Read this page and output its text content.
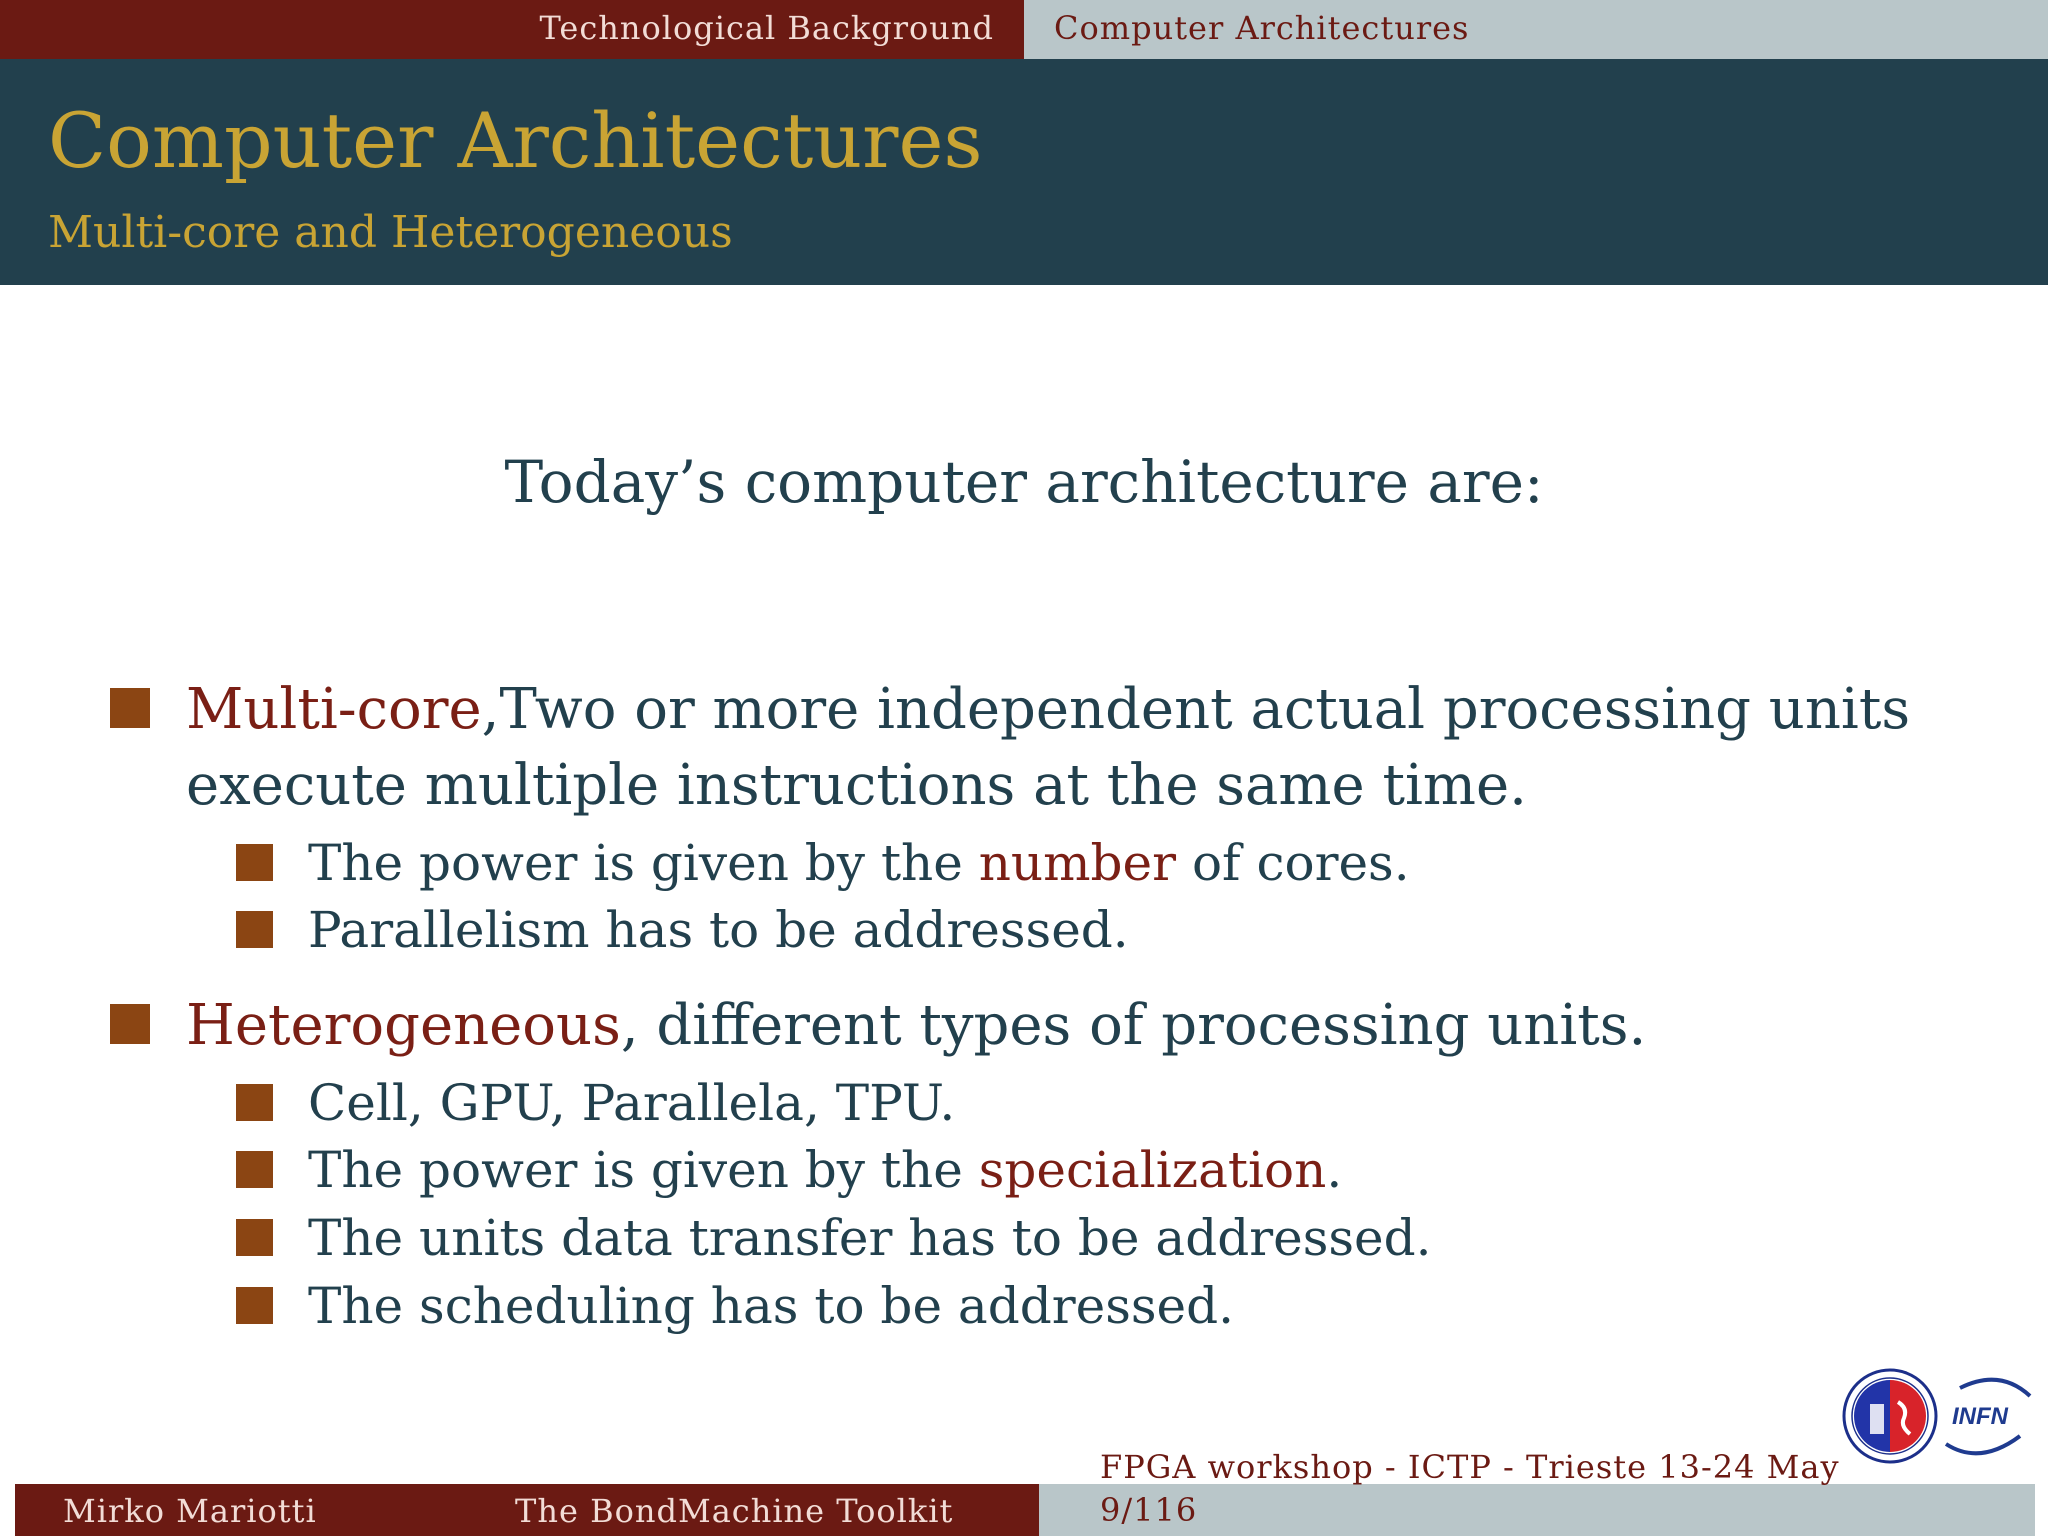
Technological Background Computer Architectures
Computer Architectures
Multi-core and Heterogeneous
Today’s computer architecture are:
Multi-core,Two or more independent actual processing units
execute multiple instructions at the same time.
The power is given by the number of cores.
Parallelism has to be addressed.
Heterogeneous, different types of processing units.
Cell, GPU, Parallela, TPU.
The power is given by the specialization.
The units data transfer has to be addressed.
The scheduling has to be addressed.
INFN
Mirko Mariotti	The BondMachine Toolkit
FPGA workshop - ICTP - Trieste 13-24 May
9/116
